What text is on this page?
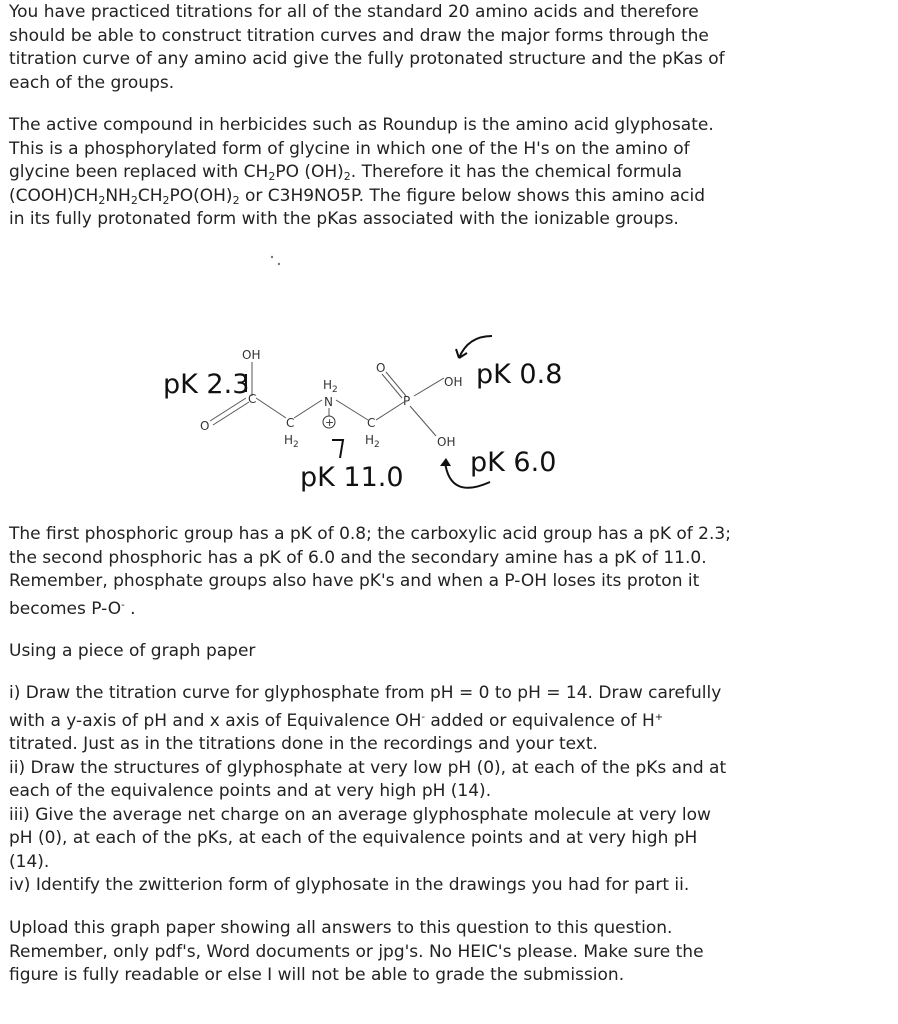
You have practiced titrations for all of the standard 20 amino acids and therefore
should be able to construct titration curves and draw the major forms through the
titration curve of any amino acid give the fully protonated structure and the pKas of
each of the groups.

The active compound in herbicides such as Roundup is the amino acid glyphosate.
This is a phosphorylated form of glycine in which one of the H's on the amino of
glycine been replaced with $CH_2PO$ $(OH)_2$. Therefore it has the chemical formula
$(COOH)CH_2NH_2CH_2PO(OH)_2$ or C3H9NO5P. The figure below shows this amino acid
in its fully protonated form with the pKas associated with the ionizable groups.

OH
C
O	C
$H_2$
$H_2$
N
+	C
$H_2$
O
P
OH
OH
pK 2.3	pK 0.8
pK 11.0 pK 6.0

The first phosphoric group has a pK of 0.8; the carboxylic acid group has a pK of 2.3;
the second phosphoric has a pK of 6.0 and the secondary amine has a pK of 11.0.
Remember, phosphate groups also have pK's and when a P-OH loses its proton it
becomes P-O- .

Using a piece of graph paper

i) Draw the titration curve for glyphosphate from pH = 0 to pH = 14. Draw carefully
with a y-axis of pH and x axis of Equivalence OH- added or equivalence of H+
titrated. Just as in the titrations done in the recordings and your text.
ii) Draw the structures of glyphosphate at very low pH (0), at each of the pKs and at
each of the equivalence points and at very high pH (14).
iii) Give the average net charge on an average glyphosphate molecule at very low
pH (0), at each of the pKs, at each of the equivalence points and at very high pH
(14).
iv) Identify the zwitterion form of glyphosate in the drawings you had for part ii.

Upload this graph paper showing all answers to this question to this question.
Remember, only pdf's, Word documents or jpg's. No HEIC's please. Make sure the
figure is fully readable or else I will not be able to grade the submission.
